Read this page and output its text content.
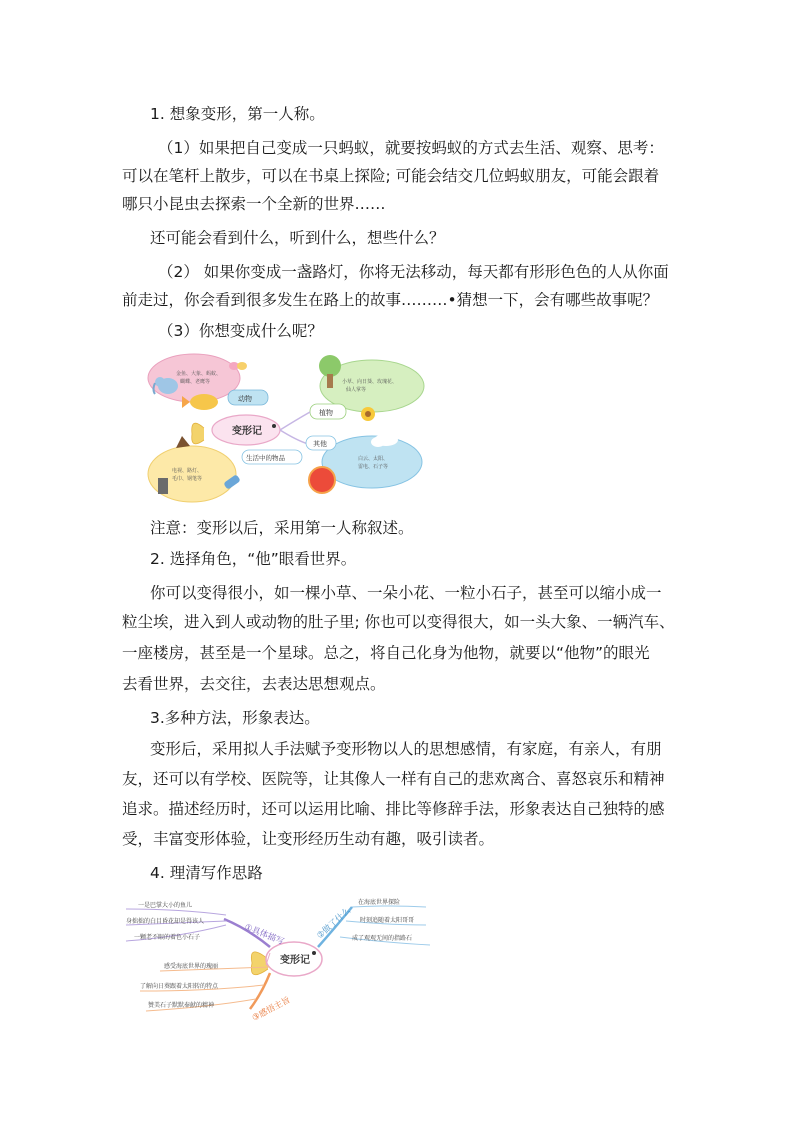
1. 想象变形，第一人称。
（1）如果把自己变成一只蚂蚁，就要按蚂蚁的方式去生活、观察、思考：
可以在笔杆上散步，可以在书桌上探险; 可能会结交几位蚂蚁朋友，可能会跟着
哪只小昆虫去探索一个全新的世界……
还可能会看到什么，听到什么，想些什么？
（2） 如果你变成一盏路灯，你将无法移动，每天都有形形色色的人从你面
前走过，你会看到很多发生在路上的故事………•猜想一下，会有哪些故事呢？
（3）你想变成什么呢？
金鱼、大象、蚂蚁、
蝴蝶、老鹰等
动物
小草、向日葵、玫瑰花、
仙人掌等
植物
变形记
白云、太阳、
雷电、石子等
其他
电视、路灯、
毛巾、钢笔等
生活中的物品
注意：变形以后，采用第一人称叙述。
2. 选择角色，“他”眼看世界。
你可以变得很小，如一棵小草、一朵小花、一粒小石子，甚至可以缩小成一
粒尘埃，进入到人或动物的肚子里; 你也可以变得很大，如一头大象、一辆汽车、
一座楼房，甚至是一个星球。总之，将自己化身为他物，就要以“他物”的眼光
去看世界，去交往，去表达思想观点。
3.多种方法，形象表达。
变形后，采用拟人手法赋予变形物以人的思想感情，有家庭，有亲人，有朋
友，还可以有学校、医院等，让其像人一样有自己的悲欢离合、喜怒哀乐和精神
追求。描述经历时，还可以运用比喻、排比等修辞手法，形象表达自己独特的感
受，丰富变形体验，让变形经历生动有趣，吸引读者。
4. 理清写作思路
变形记
①具体描写
一是巴掌大小的鱼儿
身拙拙的白目昏花却是得该人
一颗老不眼的着色小石子	②做了什么
在海底世界探险
时刻追随着太阳哥哥
成了观观无间的指路石
③感悟主旨
感受海底世界的瑰丽
了解向日葵跟着太阳转的特点
赞美石子默默奉献的精神
